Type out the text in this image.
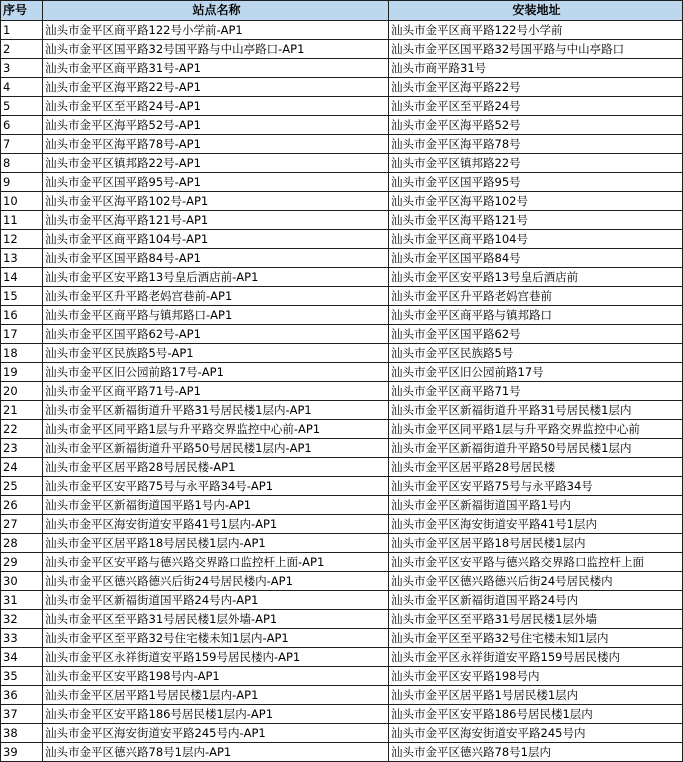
序号	站点名称	安装地址
1	汕头市金平区商平路122号小学前-AP1	汕头市金平区商平路122号小学前
2	汕头市金平区国平路32号国平路与中山亭路口-AP1	汕头市金平区国平路32号国平路与中山亭路口
3	汕头市金平区商平路31号-AP1	汕头市商平路31号
4	汕头市金平区海平路22号-AP1	汕头市金平区海平路22号
5	汕头市金平区至平路24号-AP1	汕头市金平区至平路24号
6	汕头市金平区海平路52号-AP1	汕头市金平区海平路52号
7	汕头市金平区海平路78号-AP1	汕头市金平区海平路78号
8	汕头市金平区镇邦路22号-AP1	汕头市金平区镇邦路22号
9	汕头市金平区国平路95号-AP1	汕头市金平区国平路95号
10	汕头市金平区海平路102号-AP1	汕头市金平区海平路102号
11	汕头市金平区海平路121号-AP1	汕头市金平区海平路121号
12	汕头市金平区商平路104号-AP1	汕头市金平区商平路104号
13	汕头市金平区国平路84号-AP1	汕头市金平区国平路84号
14	汕头市金平区安平路13号皇后酒店前-AP1	汕头市金平区安平路13号皇后酒店前
15	汕头市金平区升平路老妈宫巷前-AP1	汕头市金平区升平路老妈宫巷前
16	汕头市金平区商平路与镇邦路口-AP1	汕头市金平区商平路与镇邦路口
17	汕头市金平区国平路62号-AP1	汕头市金平区国平路62号
18	汕头市金平区民族路5号-AP1	汕头市金平区民族路5号
19	汕头市金平区旧公园前路17号-AP1	汕头市金平区旧公园前路17号
20	汕头市金平区商平路71号-AP1	汕头市金平区商平路71号
21	汕头市金平区新福街道升平路31号居民楼1层内-AP1	汕头市金平区新福街道升平路31号居民楼1层内
22	汕头市金平区同平路1层与升平路交界监控中心前-AP1	汕头市金平区同平路1层与升平路交界监控中心前
23	汕头市金平区新福街道升平路50号居民楼1层内-AP1	汕头市金平区新福街道升平路50号居民楼1层内
24	汕头市金平区居平路28号居民楼-AP1	汕头市金平区居平路28号居民楼
25	汕头市金平区安平路75号与永平路34号-AP1	汕头市金平区安平路75号与永平路34号
26	汕头市金平区新福街道国平路1号内-AP1	汕头市金平区新福街道国平路1号内
27	汕头市金平区海安街道安平路41号1层内-AP1	汕头市金平区海安街道安平路41号1层内
28	汕头市金平区居平路18号居民楼1层内-AP1	汕头市金平区居平路18号居民楼1层内
29	汕头市金平区安平路与德兴路交界路口监控杆上面-AP1	汕头市金平区安平路与德兴路交界路口监控杆上面
30	汕头市金平区德兴路德兴后街24号居民楼内-AP1	汕头市金平区德兴路德兴后街24号居民楼内
31	汕头市金平区新福街道国平路24号内-AP1	汕头市金平区新福街道国平路24号内
32	汕头市金平区至平路31号居民楼1层外墙-AP1	汕头市金平区至平路31号居民楼1层外墙
33	汕头市金平区至平路32号住宅楼未知1层内-AP1	汕头市金平区至平路32号住宅楼未知1层内
34	汕头市金平区永祥街道安平路159号居民楼内-AP1	汕头市金平区永祥街道安平路159号居民楼内
35	汕头市金平区安平路198号内-AP1	汕头市金平区安平路198号内
36	汕头市金平区居平路1号居民楼1层内-AP1	汕头市金平区居平路1号居民楼1层内
37	汕头市金平区安平路186号居民楼1层内-AP1	汕头市金平区安平路186号居民楼1层内
38	汕头市金平区海安街道安平路245号内-AP1	汕头市金平区海安街道安平路245号内
39	汕头市金平区德兴路78号1层内-AP1	汕头市金平区德兴路78号1层内
